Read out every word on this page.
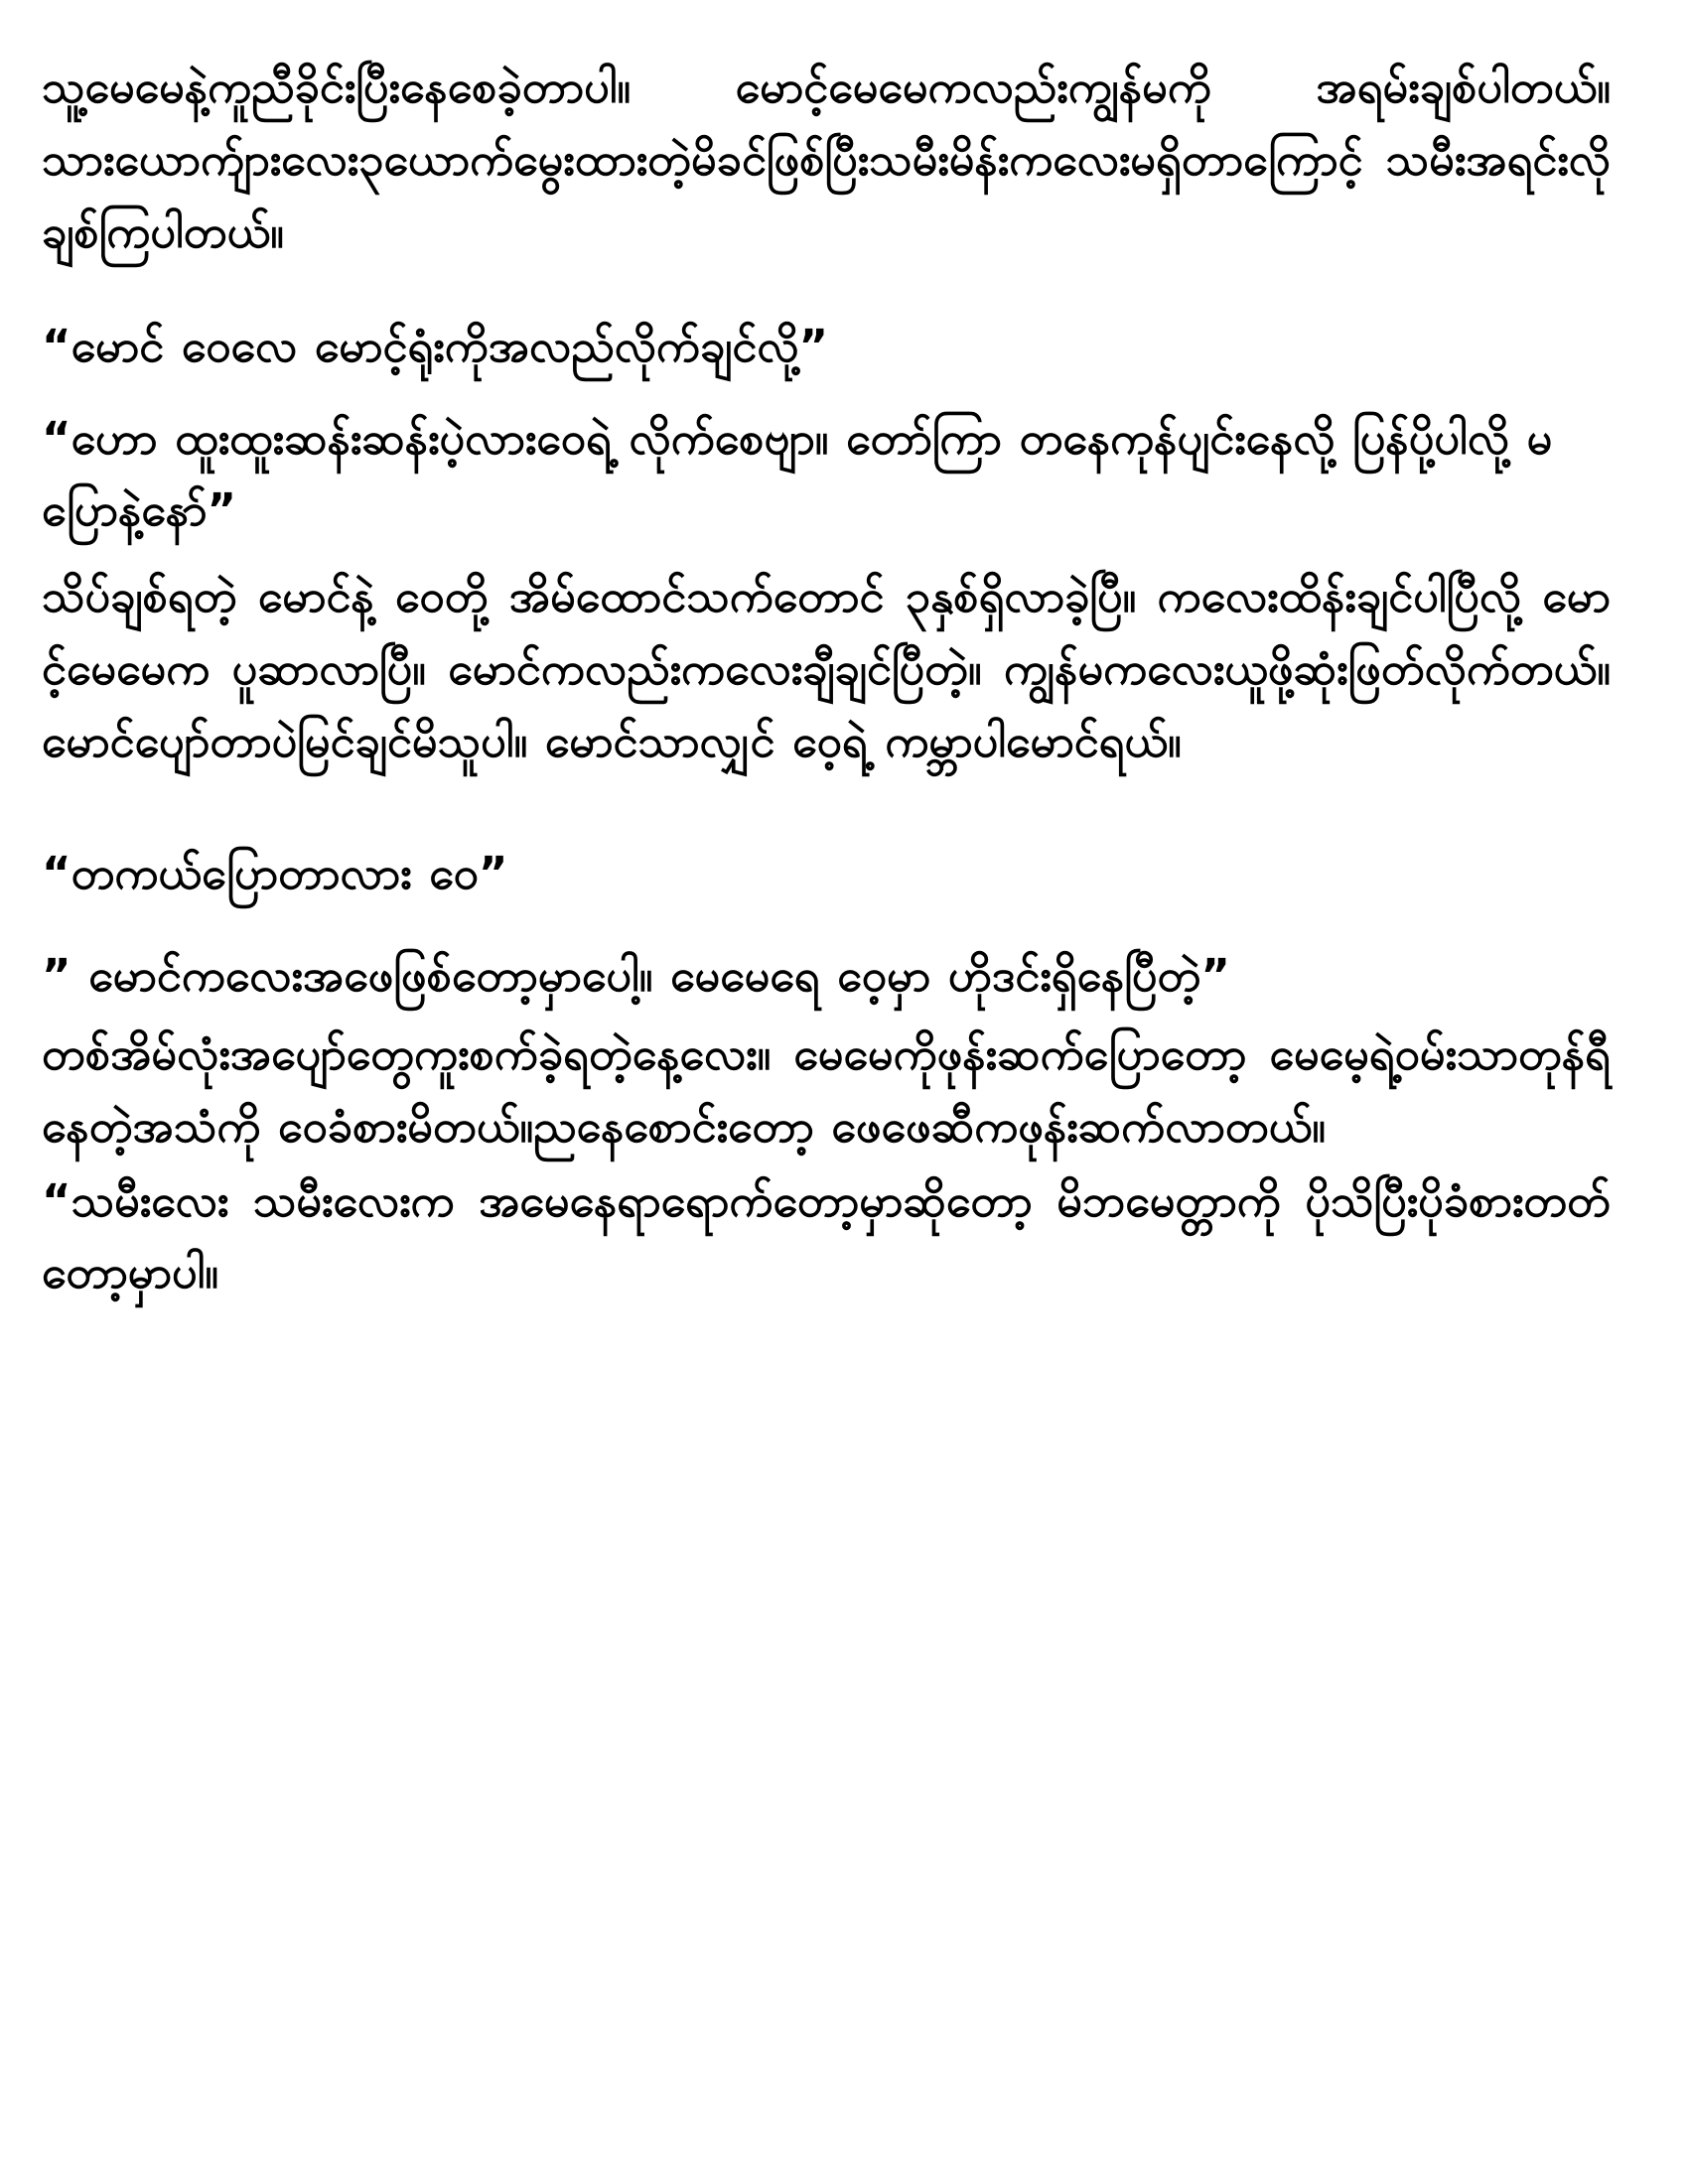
သူ့မေမေနဲ့ကူညီခိုင်းပြီးနေစေခဲ့တာပါ။ မောင့်မေမေကလည်းကျွန်မကို အရမ်းချစ်ပါတယ်။ သားယောက်ျားလေး၃ယောက်မွေးထားတဲ့မိခင်ဖြစ်ပြီးသမီးမိန်းကလေးမရှိတာကြောင့် သမီးအရင်းလိုချစ်ကြပါတယ်။

“မောင် ဝေလေ မောင့်ရုံးကိုအလည်လိုက်ချင်လို့”

“ဟော ထူးထူးဆန်းဆန်းပဲ့လားဝေရဲ့ လိုက်စေဗျာ။ တော်ကြာ တနေကုန်ပျင်းနေလို့ ပြန်ပို့ပါလို့ မပြောနဲ့နော်”

သိပ်ချစ်ရတဲ့ မောင်နဲ့ ဝေတို့ အိမ်ထောင်သက်တောင် ၃နှစ်ရှိလာခဲ့ပြီ။ ကလေးထိန်းချင်ပါပြီလို့ မောင့်မေမေက ပူဆာလာပြီ။ မောင်ကလည်းကလေးချီချင်ပြီတဲ့။ ကျွန်မကလေးယူဖို့ဆုံးဖြတ်လိုက်တယ်။ မောင်ပျော်တာပဲမြင်ချင်မိသူပါ။ မောင်သာလျှင် ဝေ့ရဲ့ ကမ္ဘာပါမောင်ရယ်။

“တကယ်ပြောတာလား ဝေ”

” မောင်ကလေးအဖေဖြစ်တော့မှာပေါ့။ မေမေရေ ဝေ့မှာ ဟိုဒင်းရှိနေပြီတဲ့”

တစ်အိမ်လုံးအပျော်တွေကူးစက်ခဲ့ရတဲ့နေ့လေး။ မေမေကိုဖုန်းဆက်ပြောတော့ မေမေ့ရဲ့ဝမ်းသာတုန်ရီနေတဲ့အသံကို ဝေခံစားမိတယ်။ညနေစောင်းတော့ ဖေဖေဆီကဖုန်းဆက်လာတယ်။

“သမီးလေး သမီးလေးက အမေနေရာရောက်တော့မှာဆိုတော့ မိဘမေတ္တာကို ပိုသိပြီးပိုခံစားတတ်တော့မှာပါ။
